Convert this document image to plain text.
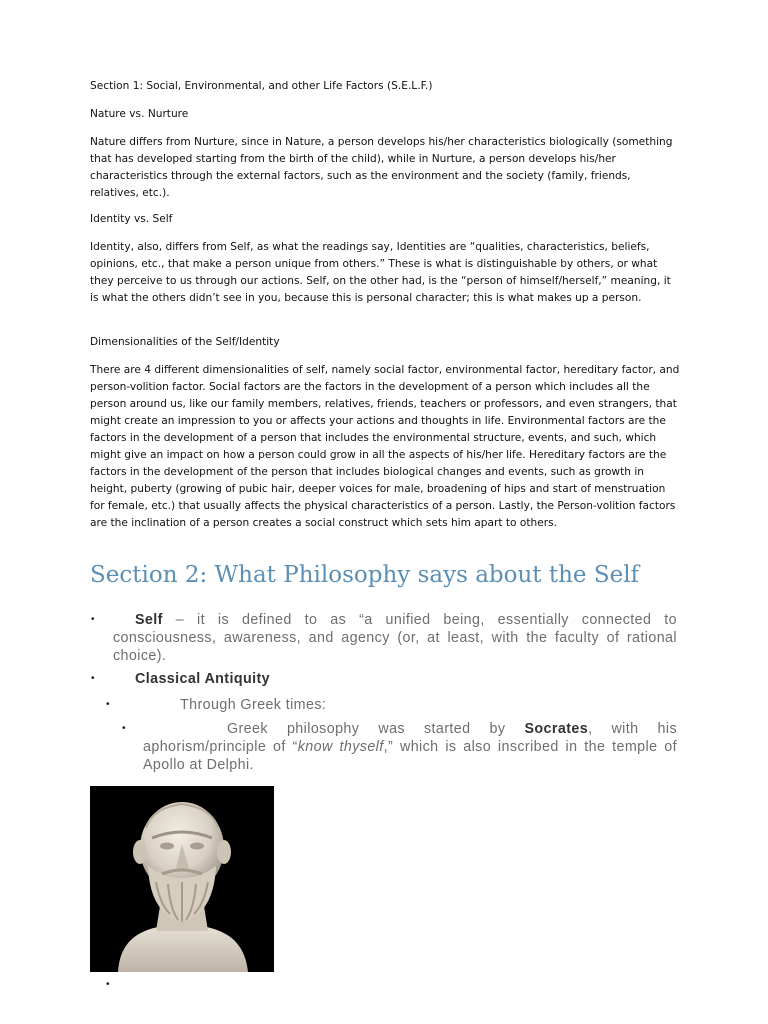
Section 1: Social, Environmental, and other Life Factors (S.E.L.F.)

Nature vs. Nurture

Nature differs from Nurture, since in Nature, a person develops his/her characteristics biologically (something that has developed starting from the birth of the child), while in Nurture, a person develops his/her characteristics through the external factors, such as the environment and the society (family, friends, relatives, etc.).

Identity vs. Self

Identity, also, differs from Self, as what the readings say, Identities are “qualities, characteristics, beliefs, opinions, etc., that make a person unique from others.” These is what is distinguishable by others, or what they perceive to us through our actions. Self, on the other had, is the “person of himself/herself,” meaning, it is what the others didn’t see in you, because this is personal character; this is what makes up a person.

Dimensionalities of the Self/Identity

There are 4 different dimensionalities of self, namely social factor, environmental factor, hereditary factor, and person-volition factor. Social factors are the factors in the development of a person which includes all the person around us, like our family members, relatives, friends, teachers or professors, and even strangers, that might create an impression to you or affects your actions and thoughts in life. Environmental factors are the factors in the development of a person that includes the environmental structure, events, and such, which might give an impact on how a person could grow in all the aspects of his/her life. Hereditary factors are the factors in the development of the person that includes biological changes and events, such as growth in height, puberty (growing of pubic hair, deeper voices for male, broadening of hips and start of menstruation for female, etc.) that usually affects the physical characteristics of a person. Lastly, the Person-volition factors are the inclination of a person creates a social construct which sets him apart to others.

Section 2: What Philosophy says about the Self
•	Self – it is defined to as “a unified being, essentially connected to consciousness, awareness, and agency (or, at least, with the faculty of rational choice).

•	Classical Antiquity

•	Through Greek times:

•	Greek philosophy was started by Socrates, with his aphorism/principle of “know thyself,” which is also inscribed in the temple of Apollo at Delphi.

•
